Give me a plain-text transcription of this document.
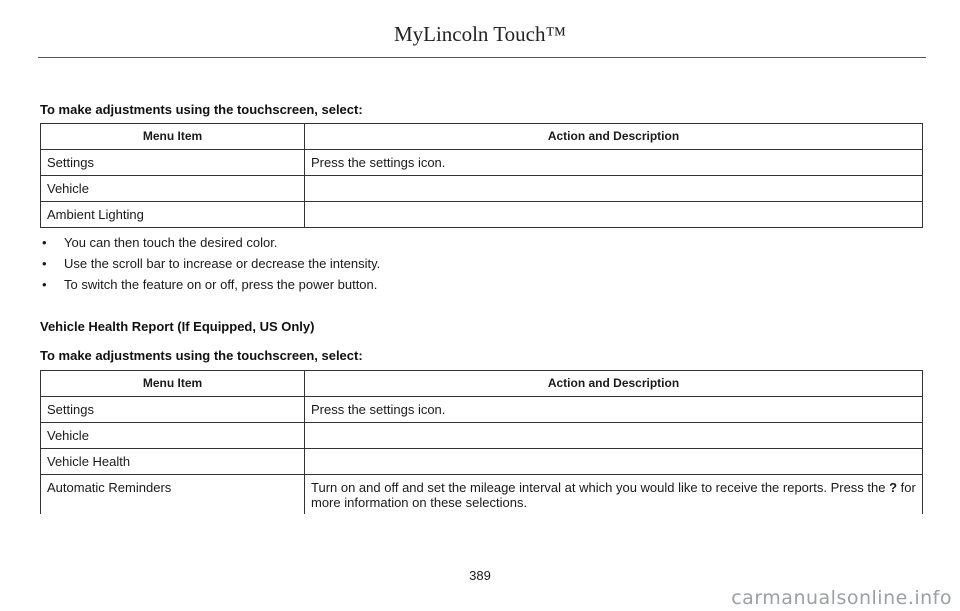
MyLincoln Touch™
To make adjustments using the touchscreen, select:
Menu Item	Action and Description
Settings	Press the settings icon.
Vehicle	
Ambient Lighting	
• You can then touch the desired color.
• Use the scroll bar to increase or decrease the intensity.
• To switch the feature on or off, press the power button.
Vehicle Health Report (If Equipped, US Only)
To make adjustments using the touchscreen, select:
Menu Item	Action and Description
Settings	Press the settings icon.
Vehicle	
Vehicle Health	
Automatic Reminders	Turn on and off and set the mileage interval at which you would like to receive the reports. Press the ? for more information on these selections.
389
carmanualsonline.info
